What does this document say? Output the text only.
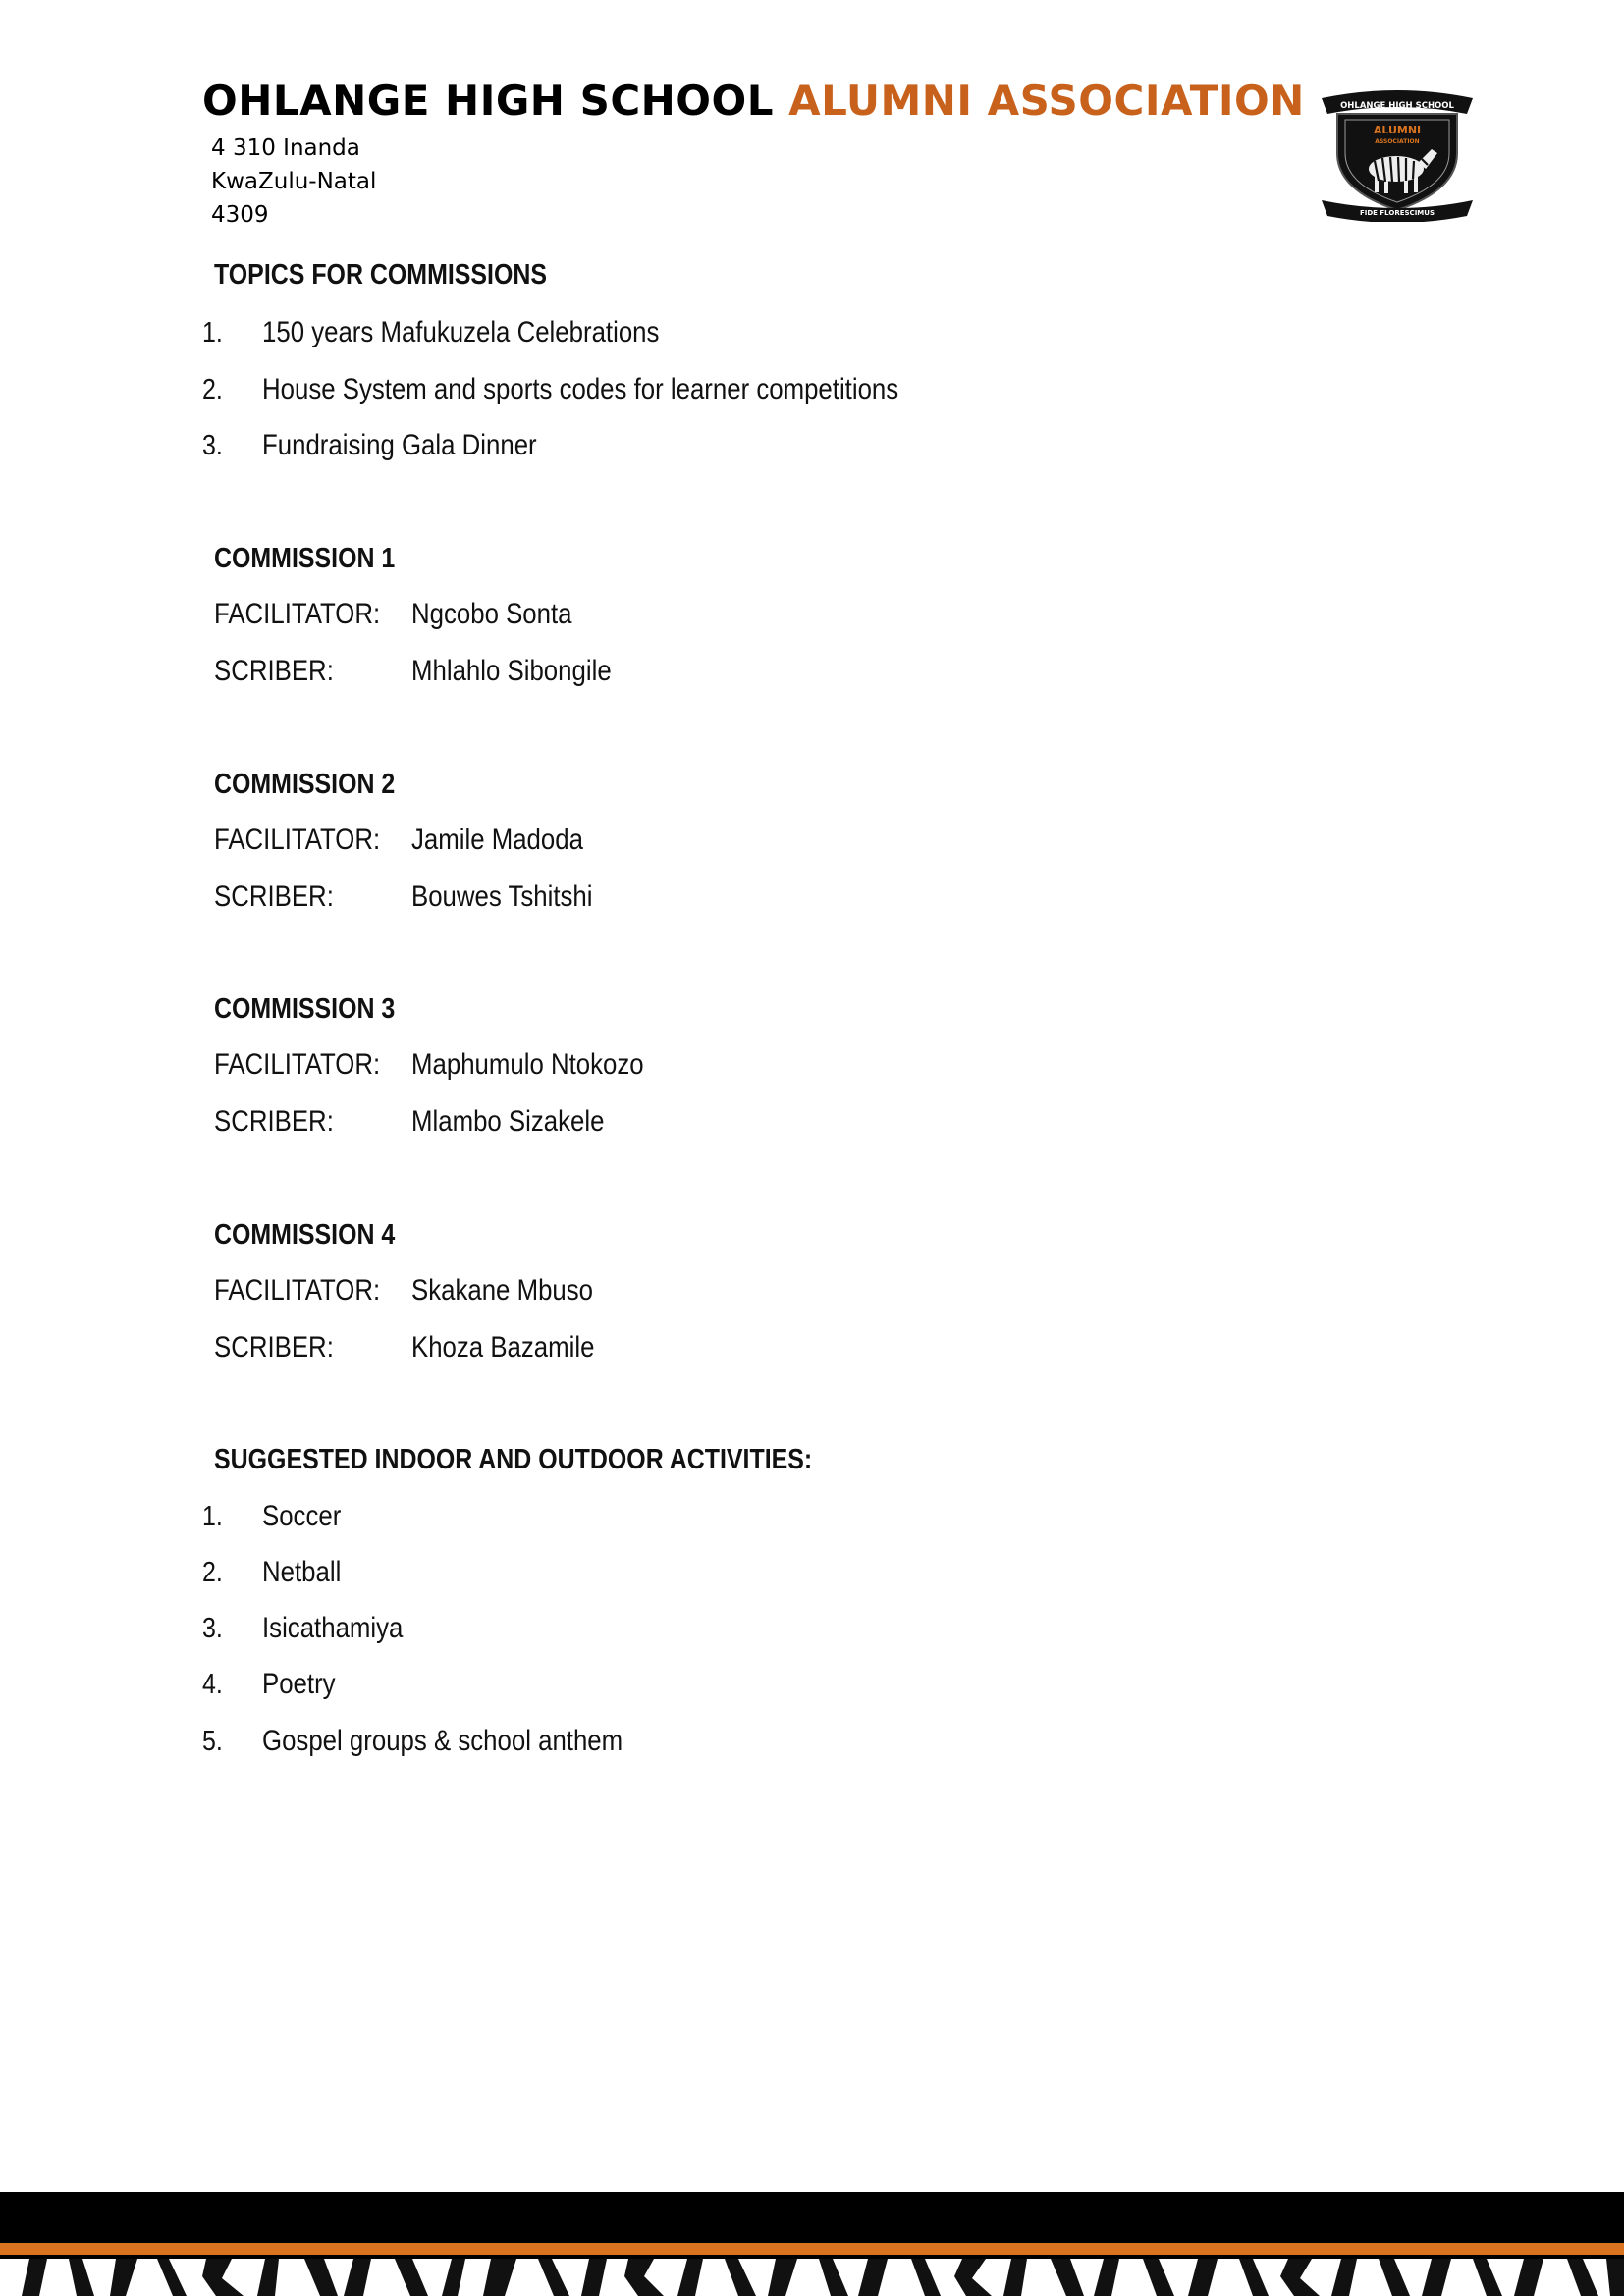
OHLANGE HIGH SCHOOL ALUMNI ASSOCIATION
4 310 Inanda
KwaZulu-Natal
4309
OHLANGE HIGH SCHOOL
ALUMNI
ASSOCIATION
FIDE FLORESCIMUS
TOPICS FOR COMMISSIONS
1. 150 years Mafukuzela Celebrations
2. House System and sports codes for learner competitions
3. Fundraising Gala Dinner
COMMISSION 1
FACILITATOR: Ngcobo Sonta
SCRIBER:	Mhlahlo Sibongile
COMMISSION 2
FACILITATOR: Jamile Madoda
SCRIBER:	Bouwes Tshitshi
COMMISSION 3
FACILITATOR: Maphumulo Ntokozo
SCRIBER:	Mlambo Sizakele
COMMISSION 4
FACILITATOR: Skakane Mbuso
SCRIBER:	Khoza Bazamile
SUGGESTED INDOOR AND OUTDOOR ACTIVITIES:
1. Soccer
2. Netball
3. Isicathamiya
4. Poetry
5. Gospel groups & school anthem
